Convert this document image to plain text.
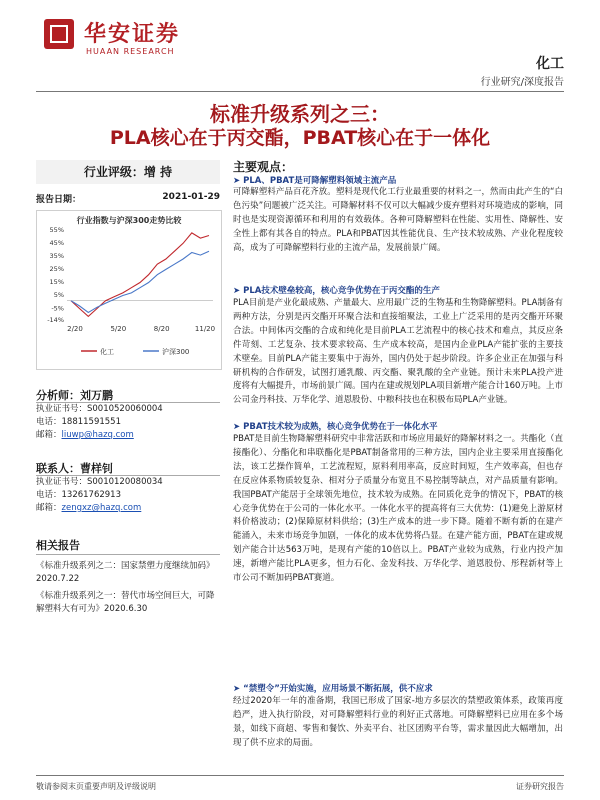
华安证券
HUAAN RESEARCH
化工
行业研究/深度报告
标准升级系列之三：
PLA核心在于丙交酯，PBAT核心在于一体化
行业评级：增 持
报告日期：	2021-01-29
行业指数与沪深300走势比较
-14%
-5%
5%
15%
25%
35%
45%
55%
2/20	5/20	8/20	11/20
化工	沪深300
分析师：刘万鹏
执业证书号：S0010520060004
电话：18811591551
邮箱：liuwp@hazq.com
联系人：曹样钊
执业证书号：S0010120080034
电话：13261762913
邮箱：zengxz@hazq.com
相关报告
《标准升级系列之二：国家禁塑力度继续加码》2020.7.22
《标准升级系列之一：替代市场空间巨大，可降解塑料大有可为》2020.6.30
主要观点：
➤ PLA、PBAT是可降解塑料领域主流产品
可降解塑料产品百花齐放。塑料是现代化工行业最重要的材料之一，然而由此产生的“白色污染”问题被广泛关注。可降解材料不仅可以大幅减少废弃塑料对环境造成的影响，同时也是实现资源循环和利用的有效载体。各种可降解塑料在性能、实用性、降解性、安全性上都有其各自的特点。PLA和PBAT因其性能优良、生产技术较成熟、产业化程度较高，成为了可降解塑料行业的主流产品，发展前景广阔。
➤ PLA技术壁垒较高，核心竞争优势在于丙交酯的生产
PLA目前是产业化最成熟、产量最大、应用最广泛的生物基和生物降解塑料。PLA制备有两种方法，分别是丙交酯开环聚合法和直接缩聚法，工业上广泛采用的是丙交酯开环聚合法。中间体丙交酯的合成和纯化是目前PLA工艺流程中的核心技术和难点，其反应条件苛刻、工艺复杂、技术要求较高、生产成本较高，是国内企业PLA产能扩张的主要技术壁垒。目前PLA产能主要集中于海外，国内仍处于起步阶段。许多企业正在加强与科研机构的合作研发，试图打通乳酸、丙交酯、聚乳酸的全产业链。预计未来PLA投产进度将有大幅提升，市场前景广阔。国内在建或规划PLA项目新增产能合计160万吨。上市公司金丹科技、万华化学、道恩股份、中粮科技也在积极布局PLA产业链。
➤ PBAT技术较为成熟，核心竞争优势在于一体化水平
PBAT是目前生物降解塑料研究中非常活跃和市场应用最好的降解材料之一。共酯化（直接酯化）、分酯化和串联酯化是PBAT制备常用的三种方法，国内企业主要采用直接酯化法，该工艺操作简单，工艺流程短，原料利用率高，反应时间短，生产效率高，但也存在反应体系物质较复杂、相对分子质量分布宽且不易控制等缺点，对产品质量有影响。我国PBAT产能居于全球领先地位，技术较为成熟。在同质化竞争的情况下，PBAT的核心竞争优势在于公司的一体化水平。一体化水平的提高将有三大优势：(1)避免上游原材料价格波动；(2)保障原材料供给；(3)生产成本的进一步下降。随着不断有新的在建产能涌入，未来市场竞争加剧，一体化的成本优势将凸显。在建产能方面，PBAT在建或规划产能合计达563万吨，是现有产能的10倍以上。PBAT产业较为成熟，行业内投产加速，新增产能比PLA更多，恒力石化、金发科技、万华化学、道恩股份、彤程新材等上市公司不断加码PBAT赛道。
➤ “禁塑令”开始实施，应用场景不断拓展，供不应求
经过2020年一年的准备期，我国已形成了国家-地方多层次的禁塑政策体系，政策再度趋严，进入执行阶段，对可降解塑料行业的利好正式落地。可降解塑料已应用在多个场景，如线下商超、零售和餐饮、外卖平台、社区团购平台等，需求量因此大幅增加，出现了供不应求的局面。
敬请参阅末页重要声明及评级说明	证券研究报告
